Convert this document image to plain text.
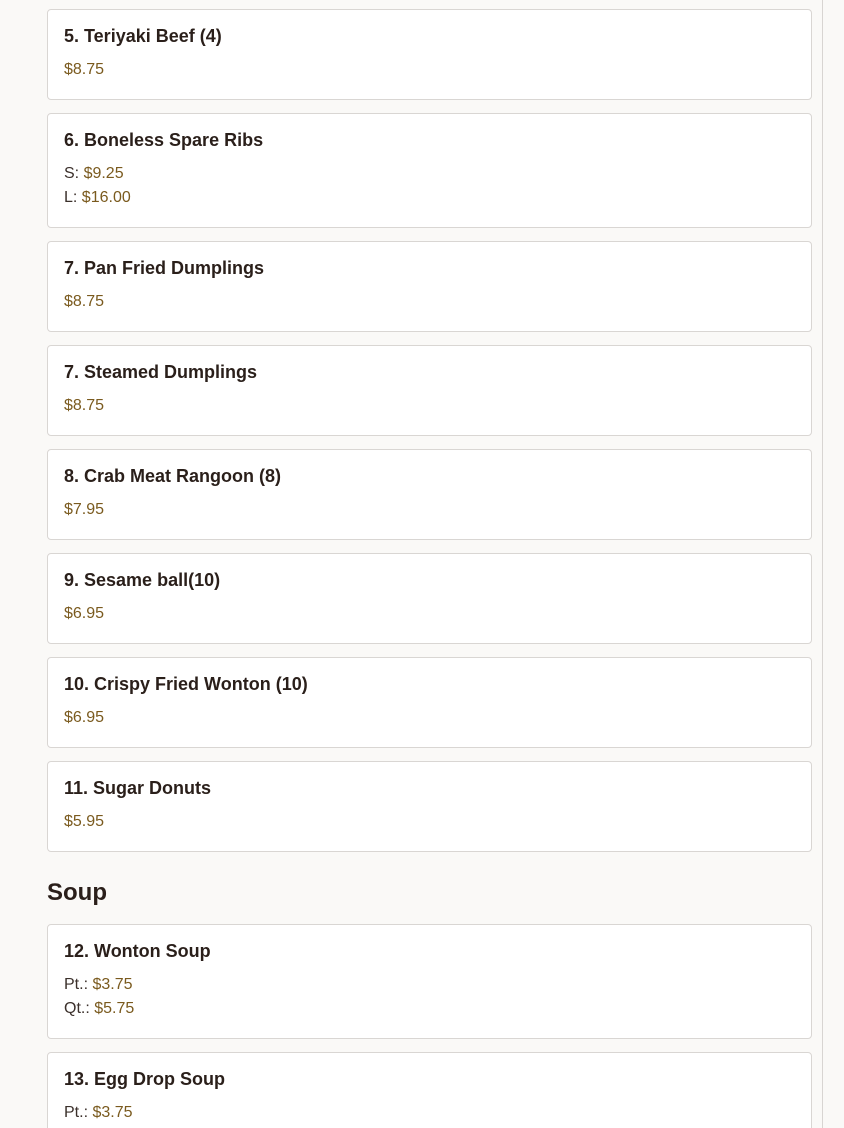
5. Teriyaki Beef (4)
$8.75
6. Boneless Spare Ribs
S: $9.25
L: $16.00
7. Pan Fried Dumplings
$8.75
7. Steamed Dumplings
$8.75
8. Crab Meat Rangoon (8)
$7.95
9. Sesame ball(10)
$6.95
10. Crispy Fried Wonton (10)
$6.95
11. Sugar Donuts
$5.95
Soup
12. Wonton Soup
Pt.: $3.75
Qt.: $5.75
13. Egg Drop Soup
Pt.: $3.75
